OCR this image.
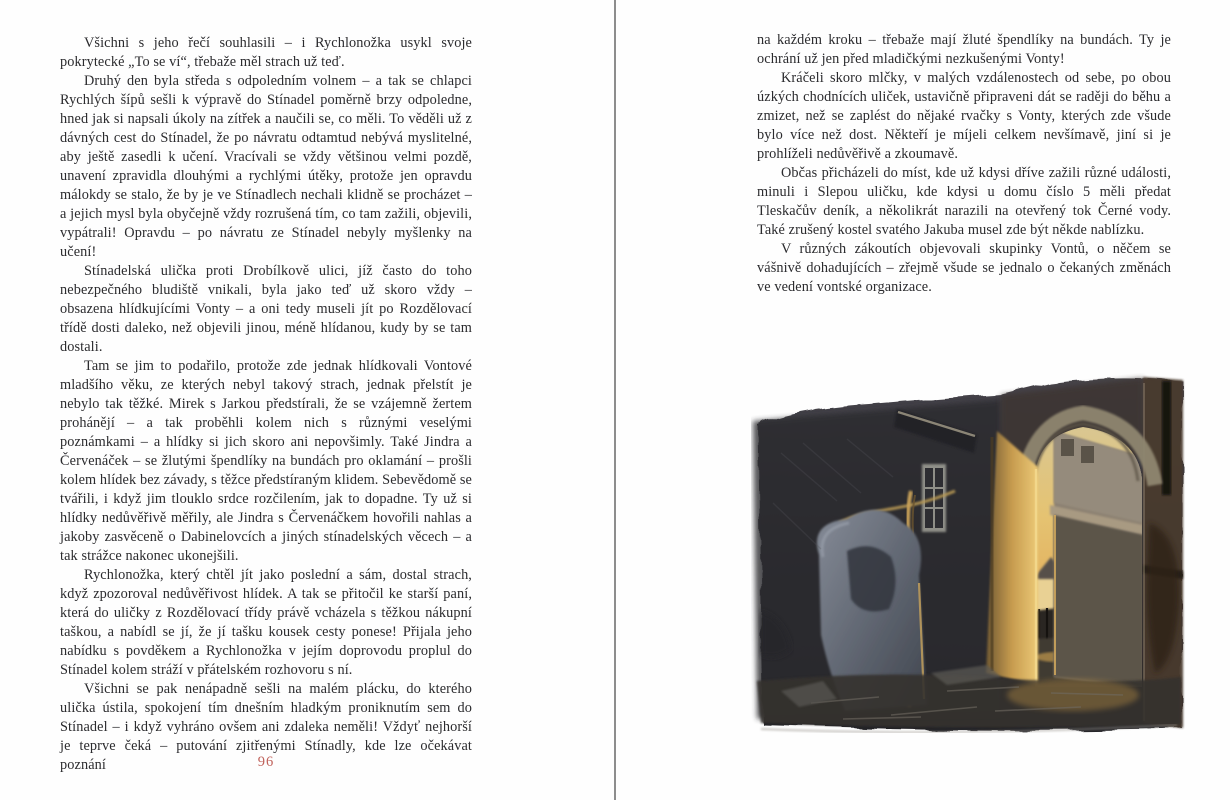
Všichni s jeho řečí souhlasili – i Rychlonožka usykl svoje pokrytecké „To se ví“, třebaže měl strach už teď.

Druhý den byla středa s odpoledním volnem – a tak se chlapci Rychlých šípů sešli k výpravě do Stínadel poměrně brzy odpoledne, hned jak si napsali úkoly na zítřek a naučili se, co měli. To věděli už z dávných cest do Stínadel, že po návratu odtamtud nebývá myslitelné, aby ještě zasedli k učení. Vracívali se vždy většinou velmi pozdě, unavení zpravidla dlouhými a rychlými útěky, protože jen opravdu málokdy se stalo, že by je ve Stínadlech nechali klidně se procházet – a jejich mysl byla obyčejně vždy rozrušená tím, co tam zažili, objevili, vypátrali! Opravdu – po návratu ze Stínadel nebyly myšlenky na učení!

Stínadelská ulička proti Drobílkově ulici, jíž často do toho nebezpečného bludiště vnikali, byla jako teď už skoro vždy – obsazena hlídkujícími Vonty – a oni tedy museli jít po Rozdělovací třídě dosti daleko, než objevili jinou, méně hlídanou, kudy by se tam dostali.

Tam se jim to podařilo, protože zde jednak hlídkovali Vontové mladšího věku, ze kterých nebyl takový strach, jednak přelstít je nebylo tak těžké. Mirek s Jarkou předstírali, že se vzájemně žertem prohánějí – a tak proběhli kolem nich s různými veselými poznámkami – a hlídky si jich skoro ani nepovšimly. Také Jindra a Červenáček – se žlutými špendlíky na bundách pro oklamání – prošli kolem hlídek bez závady, s těžce předstíraným klidem. Sebevědomě se tvářili, i když jim tlouklo srdce rozčilením, jak to dopadne. Ty už si hlídky nedůvěřivě měřily, ale Jindra s Červenáčkem hovořili nahlas a jakoby zasvěceně o Dabinelovcích a jiných stínadelských věcech – a tak strážce nakonec ukonejšili.

Rychlonožka, který chtěl jít jako poslední a sám, dostal strach, když zpozoroval nedůvěřivost hlídek. A tak se přitočil ke starší paní, která do uličky z Rozdělovací třídy právě vcházela s těžkou nákupní taškou, a nabídl se jí, že jí tašku kousek cesty ponese! Přijala jeho nabídku s povděkem a Rychlonožka v jejím doprovodu proplul do Stínadel kolem stráží v přátelském rozhovoru s ní.

Všichni se pak nenápadně sešli na malém plácku, do kterého ulička ústila, spokojení tím dnešním hladkým proniknutím sem do Stínadel – i když vyhráno ovšem ani zdaleka neměli! Vždyť nejhorší je teprve čeká – putování zjitřenými Stínadly, kde lze očekávat poznání	96

na každém kroku – třebaže mají žluté špendlíky na bundách. Ty je ochrání už jen před mladičkými nezkušenými Vonty!

Kráčeli skoro mlčky, v malých vzdálenostech od sebe, po obou úzkých chodnících uliček, ustavičně připraveni dát se raději do běhu a zmizet, než se zaplést do nějaké rvačky s Vonty, kterých zde všude bylo více než dost. Někteří je míjeli celkem nevšímavě, jiní si je prohlíželi nedůvěřivě a zkoumavě.

Občas přicházeli do míst, kde už kdysi dříve zažili různé události, minuli i Slepou uličku, kde kdysi u domu číslo 5 měli předat Tleskačův deník, a několikrát narazili na otevřený tok Černé vody. Také zrušený kostel svatého Jakuba musel zde být někde nablízku.

V různých zákoutích objevovali skupinky Vontů, o něčem se vášnivě dohadujících – zřejmě všude se jednalo o čekaných změnách ve vedení vontské organizace.
